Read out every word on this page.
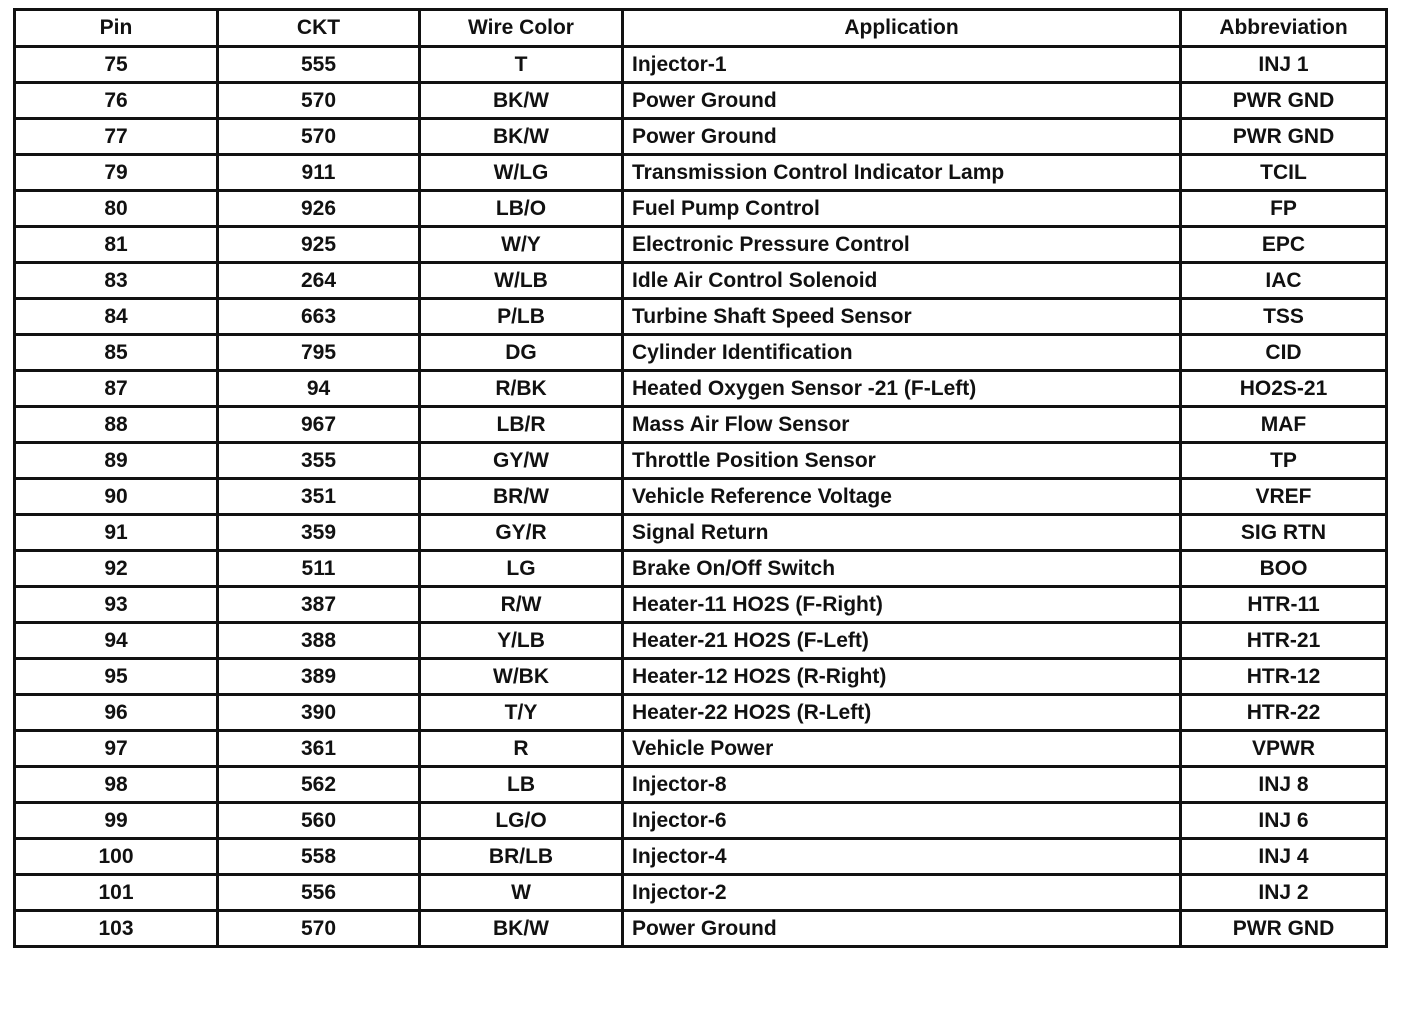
Pin	CKT	Wire Color	Application	Abbreviation
75	555	T	Injector-1	INJ 1
76	570	BK/W	Power Ground	PWR GND
77	570	BK/W	Power Ground	PWR GND
79	911	W/LG	Transmission Control Indicator Lamp	TCIL
80	926	LB/O	Fuel Pump Control	FP
81	925	W/Y	Electronic Pressure Control	EPC
83	264	W/LB	Idle Air Control Solenoid	IAC
84	663	P/LB	Turbine Shaft Speed Sensor	TSS
85	795	DG	Cylinder Identification	CID
87	94	R/BK	Heated Oxygen Sensor -21 (F-Left)	HO2S-21
88	967	LB/R	Mass Air Flow Sensor	MAF
89	355	GY/W	Throttle Position Sensor	TP
90	351	BR/W	Vehicle Reference Voltage	VREF
91	359	GY/R	Signal Return	SIG RTN
92	511	LG	Brake On/Off Switch	BOO
93	387	R/W	Heater-11 HO2S (F-Right)	HTR-11
94	388	Y/LB	Heater-21 HO2S (F-Left)	HTR-21
95	389	W/BK	Heater-12 HO2S (R-Right)	HTR-12
96	390	T/Y	Heater-22 HO2S (R-Left)	HTR-22
97	361	R	Vehicle Power	VPWR
98	562	LB	Injector-8	INJ 8
99	560	LG/O	Injector-6	INJ 6
100	558	BR/LB	Injector-4	INJ 4
101	556	W	Injector-2	INJ 2
103	570	BK/W	Power Ground	PWR GND
